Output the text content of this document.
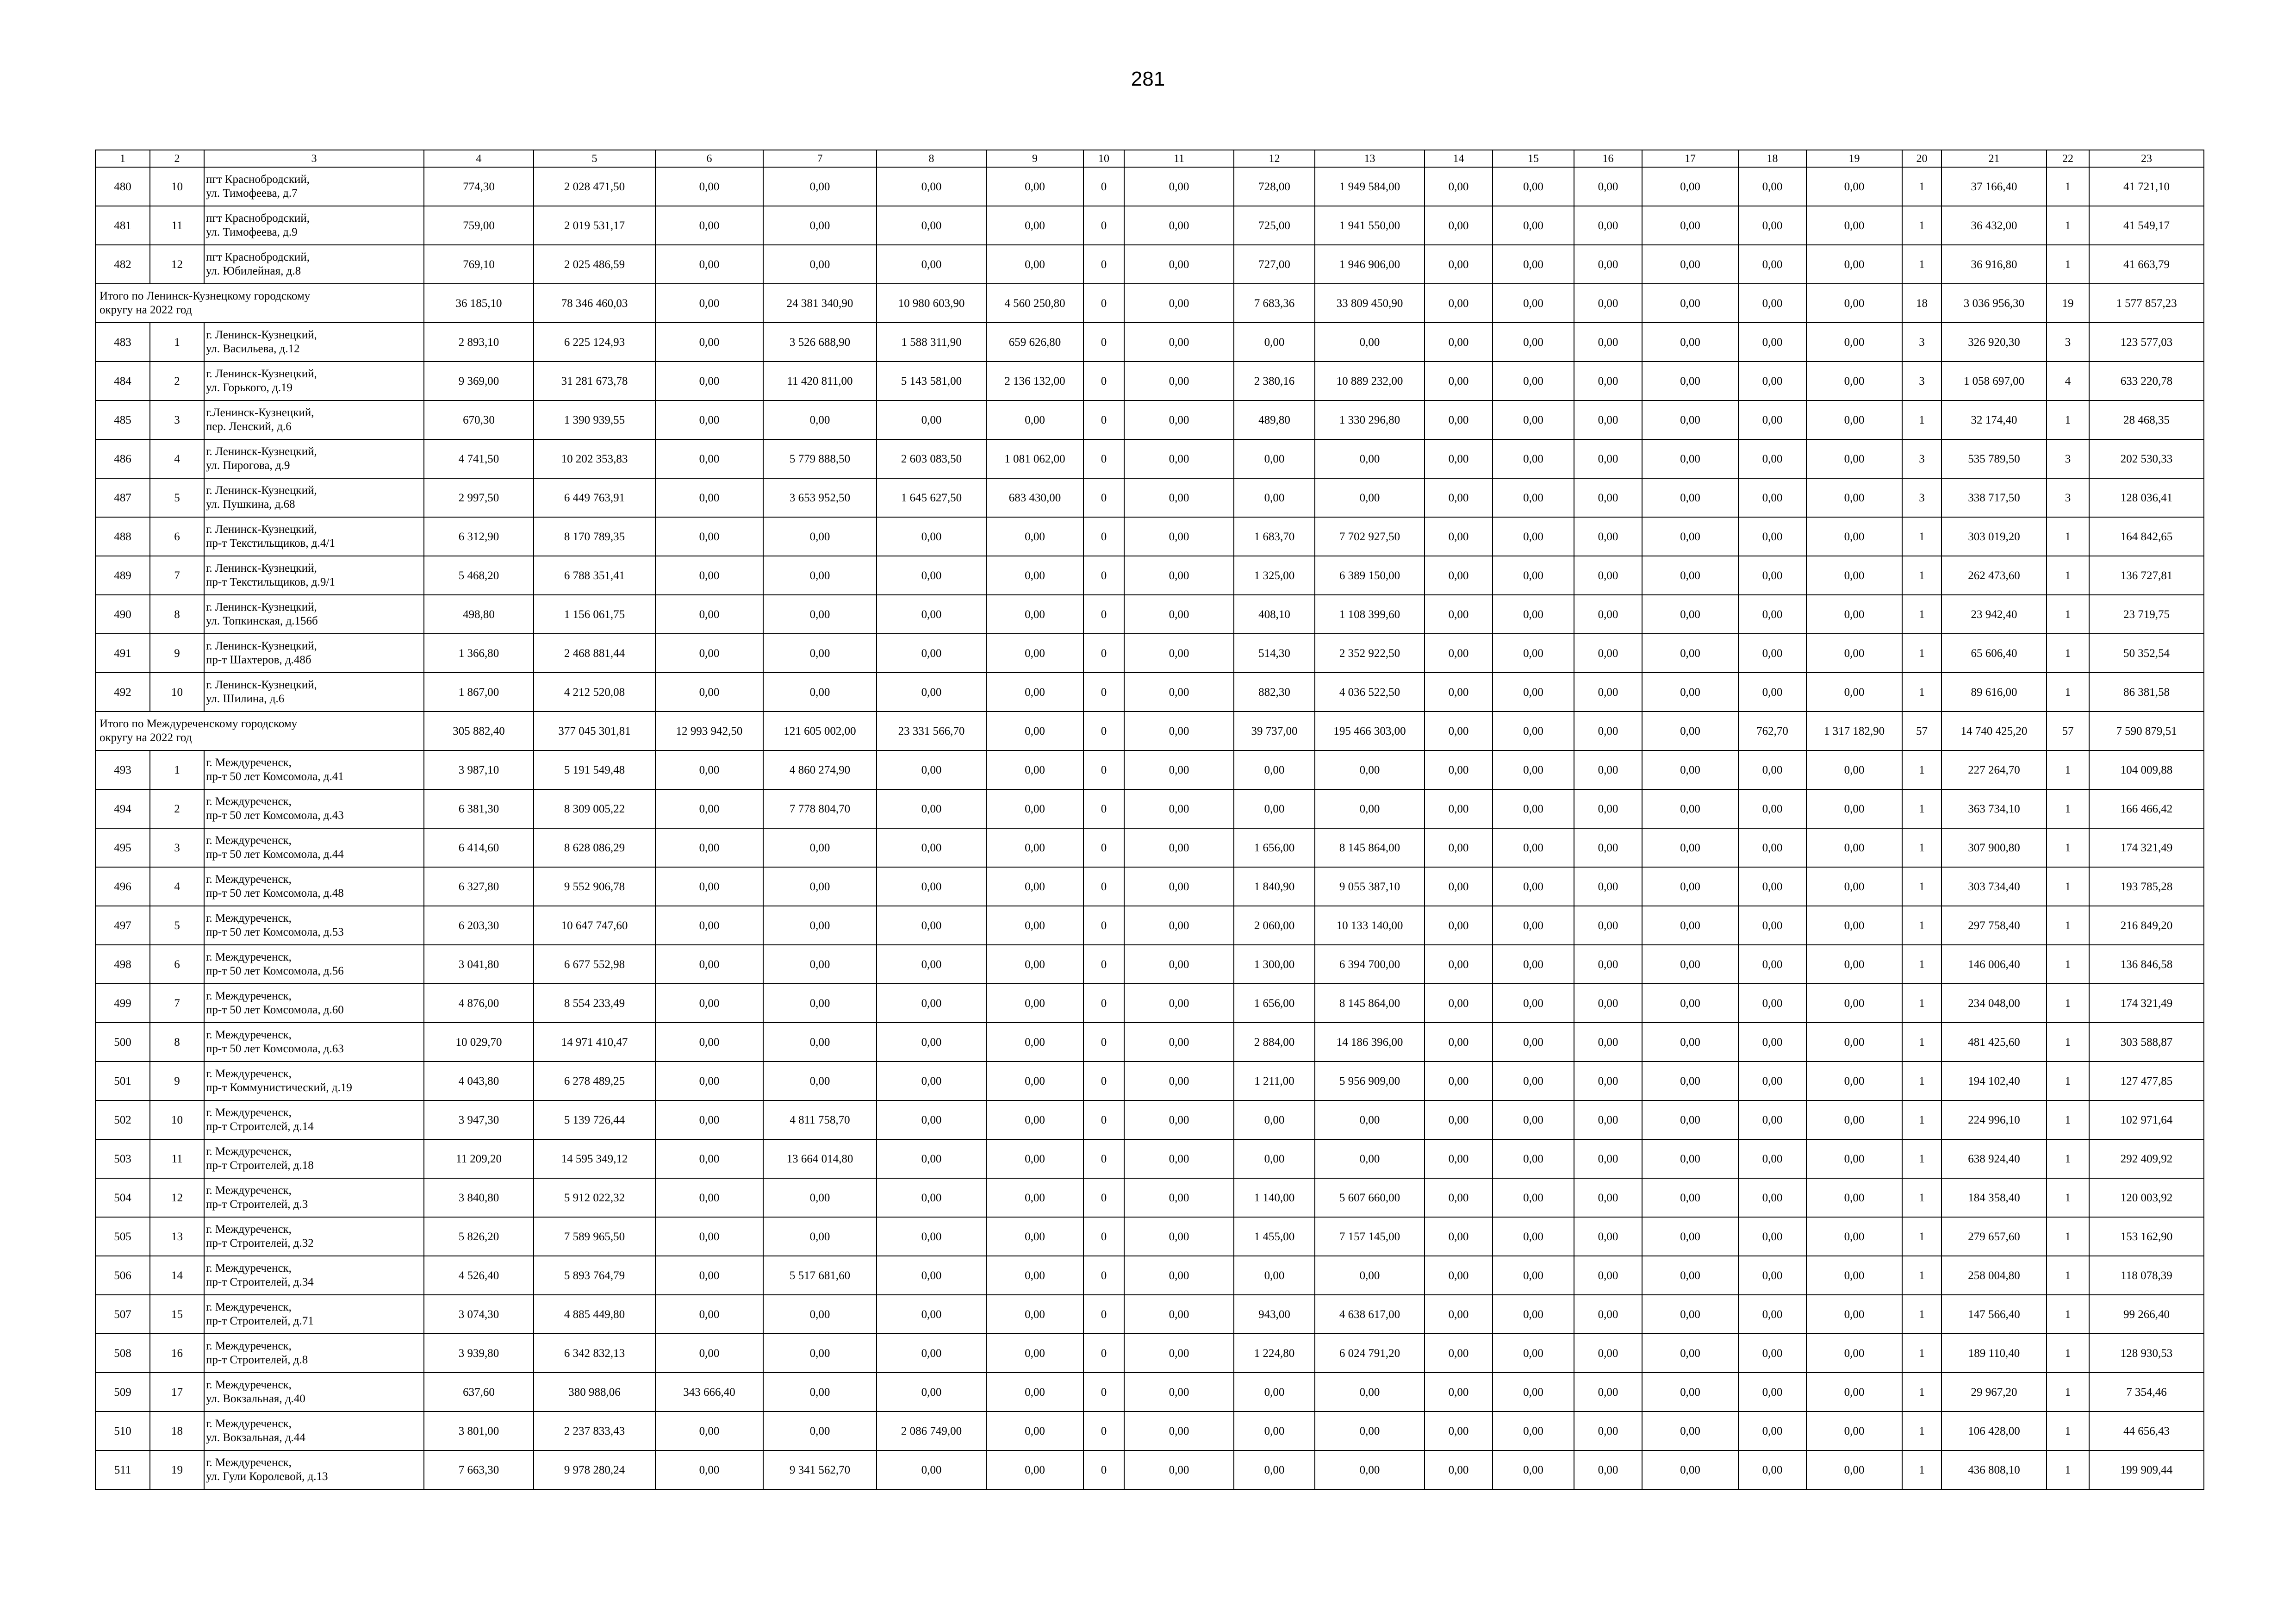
281
1	2	3	4	5	6	7	8	9	10	11	12	13	14	15	16	17	18	19	20	21	22	23
480	10	пгт Краснобродский,
ул. Тимофеева, д.7	774,30	2 028 471,50	0,00	0,00	0,00	0,00	0	0,00	728,00	1 949 584,00	0,00	0,00	0,00	0,00	0,00	0,00	1	37 166,40	1	41 721,10
481	11	пгт Краснобродский,
ул. Тимофеева, д.9	759,00	2 019 531,17	0,00	0,00	0,00	0,00	0	0,00	725,00	1 941 550,00	0,00	0,00	0,00	0,00	0,00	0,00	1	36 432,00	1	41 549,17
482	12	пгт Краснобродский,
ул. Юбилейная, д.8	769,10	2 025 486,59	0,00	0,00	0,00	0,00	0	0,00	727,00	1 946 906,00	0,00	0,00	0,00	0,00	0,00	0,00	1	36 916,80	1	41 663,79
Итого по Ленинск-Кузнецкому городскому
округу на 2022 год			36 185,10	78 346 460,03	0,00	24 381 340,90	10 980 603,90	4 560 250,80	0	0,00	7 683,36	33 809 450,90	0,00	0,00	0,00	0,00	0,00	0,00	18	3 036 956,30	19	1 577 857,23
483	1	г. Ленинск-Кузнецкий,
ул. Васильева, д.12	2 893,10	6 225 124,93	0,00	3 526 688,90	1 588 311,90	659 626,80	0	0,00	0,00	0,00	0,00	0,00	0,00	0,00	0,00	0,00	3	326 920,30	3	123 577,03
484	2	г. Ленинск-Кузнецкий,
ул. Горького, д.19	9 369,00	31 281 673,78	0,00	11 420 811,00	5 143 581,00	2 136 132,00	0	0,00	2 380,16	10 889 232,00	0,00	0,00	0,00	0,00	0,00	0,00	3	1 058 697,00	4	633 220,78
485	3	г.Ленинск-Кузнецкий,
пер. Ленский, д.6	670,30	1 390 939,55	0,00	0,00	0,00	0,00	0	0,00	489,80	1 330 296,80	0,00	0,00	0,00	0,00	0,00	0,00	1	32 174,40	1	28 468,35
486	4	г. Ленинск-Кузнецкий,
ул. Пирогова, д.9	4 741,50	10 202 353,83	0,00	5 779 888,50	2 603 083,50	1 081 062,00	0	0,00	0,00	0,00	0,00	0,00	0,00	0,00	0,00	0,00	3	535 789,50	3	202 530,33
487	5	г. Ленинск-Кузнецкий,
ул. Пушкина, д.68	2 997,50	6 449 763,91	0,00	3 653 952,50	1 645 627,50	683 430,00	0	0,00	0,00	0,00	0,00	0,00	0,00	0,00	0,00	0,00	3	338 717,50	3	128 036,41
488	6	г. Ленинск-Кузнецкий,
пр-т Текстильщиков, д.4/1	6 312,90	8 170 789,35	0,00	0,00	0,00	0,00	0	0,00	1 683,70	7 702 927,50	0,00	0,00	0,00	0,00	0,00	0,00	1	303 019,20	1	164 842,65
489	7	г. Ленинск-Кузнецкий,
пр-т Текстильщиков, д.9/1	5 468,20	6 788 351,41	0,00	0,00	0,00	0,00	0	0,00	1 325,00	6 389 150,00	0,00	0,00	0,00	0,00	0,00	0,00	1	262 473,60	1	136 727,81
490	8	г. Ленинск-Кузнецкий,
ул. Топкинская, д.156б	498,80	1 156 061,75	0,00	0,00	0,00	0,00	0	0,00	408,10	1 108 399,60	0,00	0,00	0,00	0,00	0,00	0,00	1	23 942,40	1	23 719,75
491	9	г. Ленинск-Кузнецкий,
пр-т Шахтеров, д.48б	1 366,80	2 468 881,44	0,00	0,00	0,00	0,00	0	0,00	514,30	2 352 922,50	0,00	0,00	0,00	0,00	0,00	0,00	1	65 606,40	1	50 352,54
492	10	г. Ленинск-Кузнецкий,
ул. Шилина, д.6	1 867,00	4 212 520,08	0,00	0,00	0,00	0,00	0	0,00	882,30	4 036 522,50	0,00	0,00	0,00	0,00	0,00	0,00	1	89 616,00	1	86 381,58
Итого по Междуреченскому городскому
округу на 2022 год			305 882,40	377 045 301,81	12 993 942,50	121 605 002,00	23 331 566,70	0,00	0	0,00	39 737,00	195 466 303,00	0,00	0,00	0,00	0,00	762,70	1 317 182,90	57	14 740 425,20	57	7 590 879,51
493	1	г. Междуреченск,
пр-т 50 лет Комсомола, д.41	3 987,10	5 191 549,48	0,00	4 860 274,90	0,00	0,00	0	0,00	0,00	0,00	0,00	0,00	0,00	0,00	0,00	0,00	1	227 264,70	1	104 009,88
494	2	г. Междуреченск,
пр-т 50 лет Комсомола, д.43	6 381,30	8 309 005,22	0,00	7 778 804,70	0,00	0,00	0	0,00	0,00	0,00	0,00	0,00	0,00	0,00	0,00	0,00	1	363 734,10	1	166 466,42
495	3	г. Междуреченск,
пр-т 50 лет Комсомола, д.44	6 414,60	8 628 086,29	0,00	0,00	0,00	0,00	0	0,00	1 656,00	8 145 864,00	0,00	0,00	0,00	0,00	0,00	0,00	1	307 900,80	1	174 321,49
496	4	г. Междуреченск,
пр-т 50 лет Комсомола, д.48	6 327,80	9 552 906,78	0,00	0,00	0,00	0,00	0	0,00	1 840,90	9 055 387,10	0,00	0,00	0,00	0,00	0,00	0,00	1	303 734,40	1	193 785,28
497	5	г. Междуреченск,
пр-т 50 лет Комсомола, д.53	6 203,30	10 647 747,60	0,00	0,00	0,00	0,00	0	0,00	2 060,00	10 133 140,00	0,00	0,00	0,00	0,00	0,00	0,00	1	297 758,40	1	216 849,20
498	6	г. Междуреченск,
пр-т 50 лет Комсомола, д.56	3 041,80	6 677 552,98	0,00	0,00	0,00	0,00	0	0,00	1 300,00	6 394 700,00	0,00	0,00	0,00	0,00	0,00	0,00	1	146 006,40	1	136 846,58
499	7	г. Междуреченск,
пр-т 50 лет Комсомола, д.60	4 876,00	8 554 233,49	0,00	0,00	0,00	0,00	0	0,00	1 656,00	8 145 864,00	0,00	0,00	0,00	0,00	0,00	0,00	1	234 048,00	1	174 321,49
500	8	г. Междуреченск,
пр-т 50 лет Комсомола, д.63	10 029,70	14 971 410,47	0,00	0,00	0,00	0,00	0	0,00	2 884,00	14 186 396,00	0,00	0,00	0,00	0,00	0,00	0,00	1	481 425,60	1	303 588,87
501	9	г. Междуреченск,
пр-т Коммунистический, д.19	4 043,80	6 278 489,25	0,00	0,00	0,00	0,00	0	0,00	1 211,00	5 956 909,00	0,00	0,00	0,00	0,00	0,00	0,00	1	194 102,40	1	127 477,85
502	10	г. Междуреченск,
пр-т Строителей, д.14	3 947,30	5 139 726,44	0,00	4 811 758,70	0,00	0,00	0	0,00	0,00	0,00	0,00	0,00	0,00	0,00	0,00	0,00	1	224 996,10	1	102 971,64
503	11	г. Междуреченск,
пр-т Строителей, д.18	11 209,20	14 595 349,12	0,00	13 664 014,80	0,00	0,00	0	0,00	0,00	0,00	0,00	0,00	0,00	0,00	0,00	0,00	1	638 924,40	1	292 409,92
504	12	г. Междуреченск,
пр-т Строителей, д.3	3 840,80	5 912 022,32	0,00	0,00	0,00	0,00	0	0,00	1 140,00	5 607 660,00	0,00	0,00	0,00	0,00	0,00	0,00	1	184 358,40	1	120 003,92
505	13	г. Междуреченск,
пр-т Строителей, д.32	5 826,20	7 589 965,50	0,00	0,00	0,00	0,00	0	0,00	1 455,00	7 157 145,00	0,00	0,00	0,00	0,00	0,00	0,00	1	279 657,60	1	153 162,90
506	14	г. Междуреченск,
пр-т Строителей, д.34	4 526,40	5 893 764,79	0,00	5 517 681,60	0,00	0,00	0	0,00	0,00	0,00	0,00	0,00	0,00	0,00	0,00	0,00	1	258 004,80	1	118 078,39
507	15	г. Междуреченск,
пр-т Строителей, д.71	3 074,30	4 885 449,80	0,00	0,00	0,00	0,00	0	0,00	943,00	4 638 617,00	0,00	0,00	0,00	0,00	0,00	0,00	1	147 566,40	1	99 266,40
508	16	г. Междуреченск,
пр-т Строителей, д.8	3 939,80	6 342 832,13	0,00	0,00	0,00	0,00	0	0,00	1 224,80	6 024 791,20	0,00	0,00	0,00	0,00	0,00	0,00	1	189 110,40	1	128 930,53
509	17	г. Междуреченск,
ул. Вокзальная, д.40	637,60	380 988,06	343 666,40	0,00	0,00	0,00	0	0,00	0,00	0,00	0,00	0,00	0,00	0,00	0,00	0,00	1	29 967,20	1	7 354,46
510	18	г. Междуреченск,
ул. Вокзальная, д.44	3 801,00	2 237 833,43	0,00	0,00	2 086 749,00	0,00	0	0,00	0,00	0,00	0,00	0,00	0,00	0,00	0,00	0,00	1	106 428,00	1	44 656,43
511	19	г. Междуреченск,
ул. Гули Королевой, д.13	7 663,30	9 978 280,24	0,00	9 341 562,70	0,00	0,00	0	0,00	0,00	0,00	0,00	0,00	0,00	0,00	0,00	0,00	1	436 808,10	1	199 909,44
